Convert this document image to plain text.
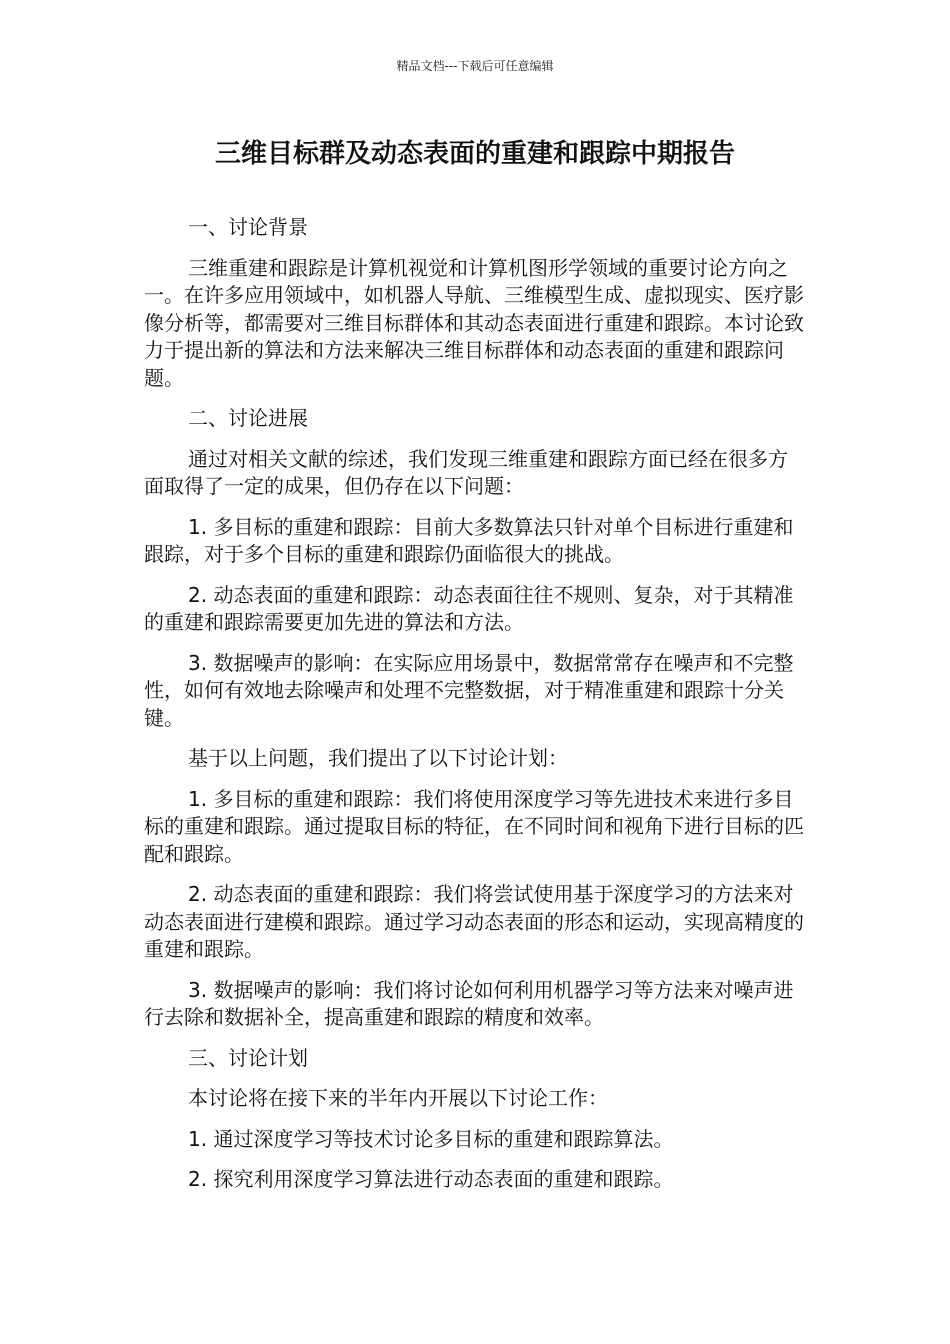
精品文档---下载后可任意编辑
三维目标群及动态表面的重建和跟踪中期报告

一、讨论背景

三维重建和跟踪是计算机视觉和计算机图形学领域的重要讨论方向之一。在许多应用领域中，如机器人导航、三维模型生成、虚拟现实、医疗影像分析等，都需要对三维目标群体和其动态表面进行重建和跟踪。本讨论致力于提出新的算法和方法来解决三维目标群体和动态表面的重建和跟踪问题。

二、讨论进展

通过对相关文献的综述，我们发现三维重建和跟踪方面已经在很多方面取得了一定的成果，但仍存在以下问题：

1. 多目标的重建和跟踪：目前大多数算法只针对单个目标进行重建和跟踪，对于多个目标的重建和跟踪仍面临很大的挑战。

2. 动态表面的重建和跟踪：动态表面往往不规则、复杂，对于其精准的重建和跟踪需要更加先进的算法和方法。

3. 数据噪声的影响：在实际应用场景中，数据常常存在噪声和不完整性，如何有效地去除噪声和处理不完整数据，对于精准重建和跟踪十分关键。

基于以上问题，我们提出了以下讨论计划：

1. 多目标的重建和跟踪：我们将使用深度学习等先进技术来进行多目标的重建和跟踪。通过提取目标的特征，在不同时间和视角下进行目标的匹配和跟踪。

2. 动态表面的重建和跟踪：我们将尝试使用基于深度学习的方法来对动态表面进行建模和跟踪。通过学习动态表面的形态和运动，实现高精度的重建和跟踪。

3. 数据噪声的影响：我们将讨论如何利用机器学习等方法来对噪声进行去除和数据补全，提高重建和跟踪的精度和效率。

三、讨论计划

本讨论将在接下来的半年内开展以下讨论工作：

1. 通过深度学习等技术讨论多目标的重建和跟踪算法。

2. 探究利用深度学习算法进行动态表面的重建和跟踪。
